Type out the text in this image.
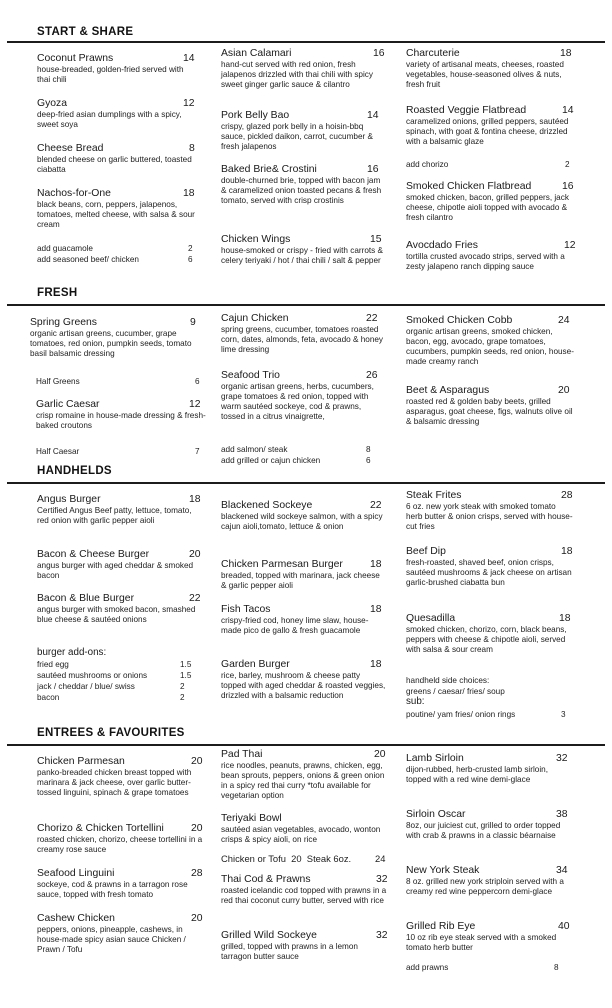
START & SHARE
Coconut Prawns	14
house-breaded, golden-fried served with thai chili
Gyoza	12
deep-fried asian dumplings with a spicy, sweet soya
Cheese Bread	8
blended cheese on garlic buttered, toasted ciabatta
Nachos-for-One	18
black beans, corn, peppers, jalapenos, tomatoes, melted cheese, with salsa & sour cream
add guacamole	2
add seasoned beef/ chicken	6
Asian Calamari	16
hand-cut served with red onion, fresh jalapenos drizzled with thai chili with spicy sweet ginger garlic sauce & cilantro
Pork Belly Bao	14
crispy, glazed pork belly in a hoisin-bbq sauce, pickled daikon, carrot, cucumber & fresh jalapenos
Baked Brie& Crostini	16
double-churned brie, topped with bacon jam & caramelized onion toasted pecans & fresh tomato, served with crisp crostinis
Chicken Wings	15
house-smoked or crispy - fried with carrots & celery teriyaki / hot / thai chili / salt & pepper
Charcuterie	18
variety of artisanal meats, cheeses, roasted vegetables, house-seasoned olives & nuts, fresh fruit
Roasted Veggie Flatbread	14
caramelized onions, grilled peppers, sautéed spinach, with goat & fontina cheese, drizzled with a balsamic glaze
add chorizo	2
Smoked Chicken Flatbread	16
smoked chicken, bacon, grilled peppers, jack cheese, chipotle aioli topped with avocado & fresh cilantro
Avocdado Fries	12
tortilla crusted avocado strips, served with a zesty jalapeno ranch dipping sauce
FRESH
Spring Greens	9
organic artisan greens, cucumber, grape tomatoes, red onion, pumpkin seeds, tomato basil balsamic dressing
Half Greens	6
Garlic Caesar	12
crisp romaine in house-made dressing & fresh-baked croutons
Half Caesar	7
Cajun Chicken	22
spring greens, cucumber, tomatoes roasted corn, dates, almonds, feta, avocado & honey lime dressing
Seafood Trio	26
organic artisan greens, herbs, cucumbers, grape tomatoes & red onion, topped with warm sautéed sockeye, cod & prawns, tossed in a citrus vinaigrette,
add salmon/ steak	8
add grilled or cajun chicken	6
Smoked Chicken Cobb	24
organic artisan greens, smoked chicken, bacon, egg, avocado, grape tomatoes, cucumbers, pumpkin seeds, red onion, house-made creamy ranch
Beet & Asparagus	20
roasted red & golden baby beets, grilled asparagus, goat cheese, figs, walnuts olive oil & balsamic dressing
HANDHELDS
Angus Burger	18
Certified Angus Beef patty, lettuce, tomato, red onion with garlic pepper aioli
Bacon & Cheese Burger	20
angus burger with aged cheddar & smoked bacon
Bacon & Blue Burger	22
angus burger with smoked bacon, smashed blue cheese & sautéed onions
burger add-ons:
fried egg	1.5
sautéed mushrooms or onions	1.5
jack / cheddar / blue/ swiss	2
bacon	2
Blackened Sockeye	22
blackened wild sockeye salmon, with a spicy cajun aioli,tomato, lettuce & onion
Chicken Parmesan Burger	18
breaded, topped with marinara, jack cheese & garlic pepper aioli
Fish Tacos	18
crispy-fried cod, honey lime slaw, house-made pico de gallo & fresh guacamole
Garden Burger	18
rice, barley, mushroom & cheese patty topped with aged cheddar & roasted veggies, drizzled with a balsamic reduction
Steak Frites	28
6 oz. new york steak with smoked tomato herb butter & onion crisps, served with house-cut fries
Beef Dip	18
fresh-roasted, shaved beef, onion crisps, sautéed mushrooms & jack cheese on artisan garlic-brushed ciabatta bun
Quesadilla	18
smoked chicken, chorizo, corn, black beans, peppers with cheese & chipotle aioli, served with salsa & sour cream
handheld side choices:
greens / caesar/ fries/ soup
sub:
poutine/ yam fries/ onion rings	3
ENTREES & FAVOURITES
Chicken Parmesan	20
panko-breaded chicken breast topped with marinara & jack cheese, over garlic butter-tossed linguini, spinach & grape tomatoes
Chorizo & Chicken Tortellini	20
roasted chicken, chorizo, cheese tortellini in a creamy rose sauce
Seafood Linguini	28
sockeye, cod & prawns in a tarragon rose sauce, topped with fresh tomato
Cashew Chicken	20
peppers, onions, pineapple, cashews, in house-made spicy asian sauce Chicken / Prawn / Tofu
Pad Thai	20
rice noodles, peanuts, prawns, chicken, egg, bean sprouts, peppers, onions & green onion in a spicy red thai curry *tofu available for vegetarian option
Teriyaki Bowl
sautéed asian vegetables, avocado, wonton crisps & spicy aioli, on rice
Chicken or Tofu  20  Steak 6oz.	24
Thai Cod & Prawns	32
roasted icelandic cod topped with prawns in a red thai coconut curry butter, served with rice
Grilled Wild Sockeye	32
grilled, topped with prawns in a lemon tarragon butter sauce
Lamb Sirloin	32
dijon-rubbed, herb-crusted lamb sirloin, topped with a red wine demi-glace
Sirloin Oscar	38
8oz, our juiciest cut, grilled to order topped with crab & prawns in a classic béarnaise
New York Steak	34
8 oz. grilled new york striploin served with a creamy red wine peppercorn demi-glace
Grilled Rib Eye	40
10 oz rib eye steak served with a smoked tomato herb butter
add prawns	8
